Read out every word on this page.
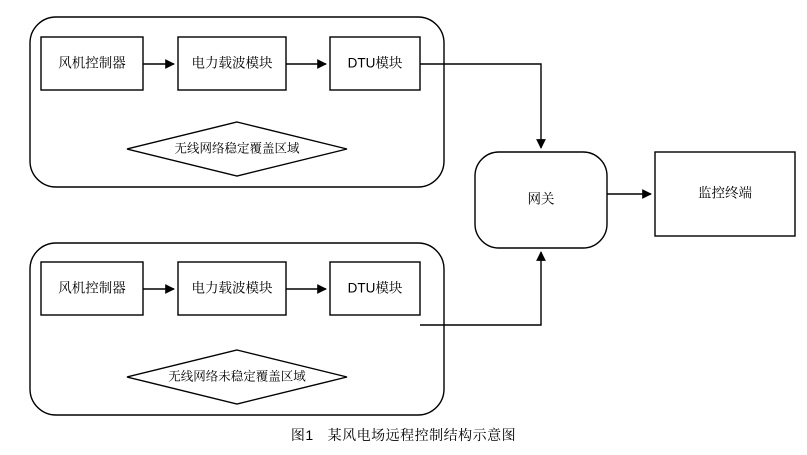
风机控制器	电力载波模块	DTU模块
无线网络稳定覆盖区域
风机控制器	电力载波模块	DTU模块
无线网络未稳定覆盖区域
网关	监控终端
图1 某风电场远程控制结构示意图
